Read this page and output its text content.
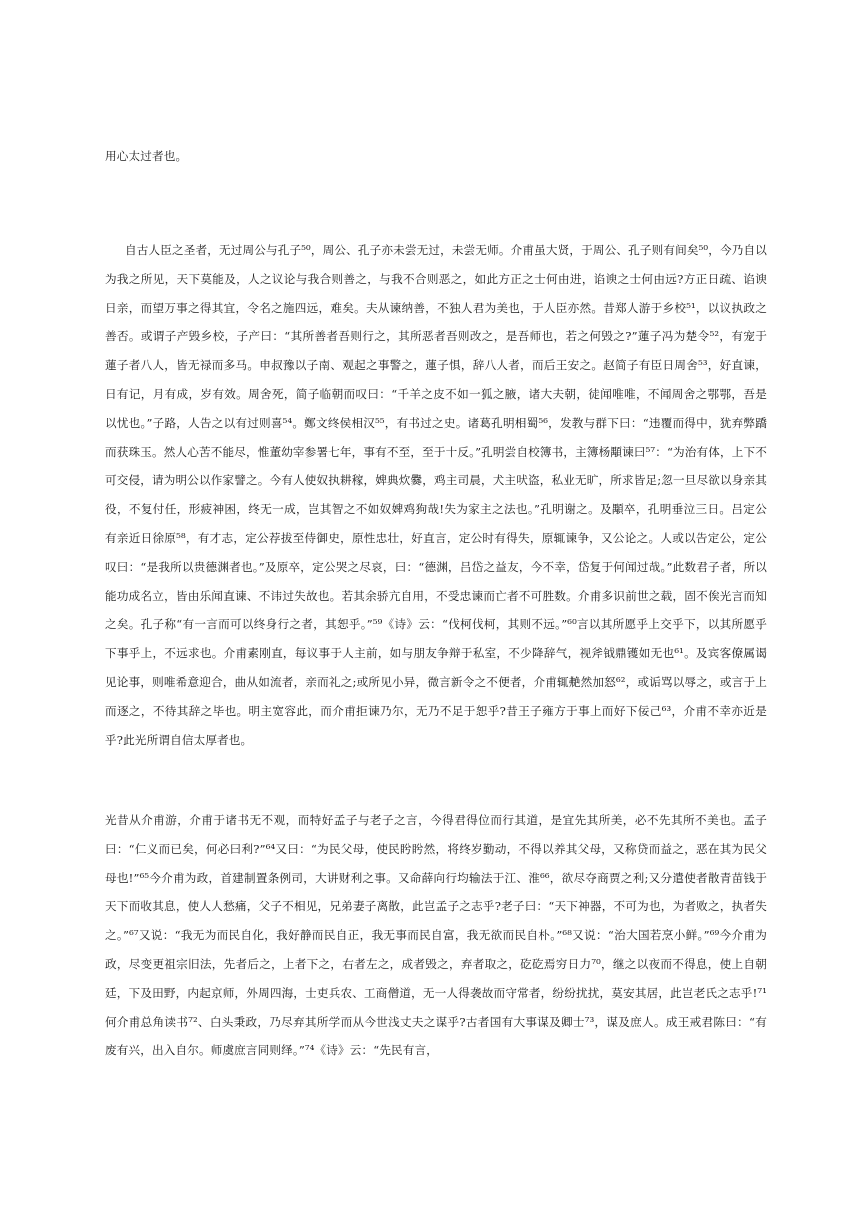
用心太过者也。

自古人臣之圣者，无过周公与孔子⁵⁰，周公、孔子亦未尝无过，未尝无师。介甫虽大贤，于周公、孔子则有间矣⁵⁰，今乃自以为我之所见，天下莫能及，人之议论与我合则善之，与我不合则恶之，如此方正之士何由进，谄谀之士何由远?方正日疏、谄谀日亲，而望万事之得其宜，令名之施四远，难矣。夫从谏纳善，不独人君为美也，于人臣亦然。昔郑人游于乡校⁵¹，以议执政之善否。或谓子产毁乡校，子产曰：“其所善者吾则行之，其所恶者吾则改之，是吾师也，若之何毁之?”蓮子冯为楚令⁵²，有宠于蓮子者八人，皆无禄而多马。申叔豫以子南、观起之事警之，蓮子惧，辞八人者，而后王安之。赵简子有臣日周舍⁵³，好直谏，  日有记，月有成，岁有效。周舍死，简子临朝而叹曰：“千羊之皮不如一狐之腋，诸大夫朝，徒闻唯唯，不闻周舍之鄂鄂，吾是以忧也。”子路，人告之以有过则喜⁵⁴。鄭文终侯相汉⁵⁵，有书过之史。诸葛孔明相蜀⁵⁶，发教与群下曰：“违覆而得中，犹弃弊蹻而获珠玉。然人心苦不能尽，惟董幼宰参署七年，事有不至，至于十反。”孔明尝自校簿书，主簿杨顒谏曰⁵⁷：“为治有体，上下不可交侵，请为明公以作家譬之。今有人使奴执耕稼，婢典炊爨，鸡主司晨，犬主吠盗，私业无旷，所求皆足;忽一旦尽欲以身亲其役，不复付任，形疲神困，终无一成，岂其智之不如奴婢鸡狗哉!失为家主之法也。”孔明谢之。及顒卒，孔明垂泣三日。吕定公有亲近日徐原⁵⁸，有才志，定公荐拔至侍御史，原性忠壮，好直言，定公时有得失，原辄谏争，又公论之。人或以告定公，定公叹曰：“是我所以贵德渊者也。”及原卒，定公哭之尽哀，曰：“德渊，吕岱之益友，今不幸，岱复于何闻过哉。”此数君子者，所以能功成名立，皆由乐闻直谏、不讳过失故也。若其余骄亢自用，不受忠谏而亡者不可胜数。介甫多识前世之载，固不俟光言而知之矣。孔子称“有一言而可以终身行之者，其恕乎。”⁵⁹《诗》云：“伐柯伐柯，其则不远。”⁶⁰言以其所愿乎上交乎下，以其所愿乎下事乎上，不远求也。介甫素刚直，每议事于人主前，如与朋友争辩于私室，不少降辞气，视斧钺鼎镬如无也⁶¹。及宾客僚属谒见论事，则唯希意迎合，曲从如流者，亲而礼之;或所见小异，微言新令之不便者，介甫辄艴然加怒⁶²，或诟骂以辱之，或言于上而逐之，不待其辞之毕也。明主宽容此，而介甫拒谏乃尔，无乃不足于恕乎?昔王子雍方于事上而好下佞己⁶³，介甫不幸亦近是乎?此光所谓自信太厚者也。

光昔从介甫游，介甫于诸书无不观，而特好孟子与老子之言，今得君得位而行其道，是宜先其所美，必不先其所不美也。孟子曰：“仁义而已矣，何必曰利?”⁶⁴又曰：“为民父母，使民盻盻然，将终岁勤动，不得以养其父母，又称贷而益之，恶在其为民父母也!”⁶⁵今介甫为政，首建制置条例司，大讲财利之事。又命薛向行均输法于江、淮⁶⁶，欲尽夺商贾之利;又分遣使者散青苗钱于天下而收其息，使人人愁痛，父子不相见，兄弟妻子离散，此岂孟子之志乎?老子曰：“天下神器，不可为也，为者败之，执者失之。”⁶⁷又说：“我无为而民自化，我好静而民自正，我无事而民自富，我无欲而民自朴。”⁶⁸又说：“治大国若烹小鲜。”⁶⁹今介甫为政，尽变更祖宗旧法，先者后之，上者下之，右者左之，成者毁之，弃者取之，矻矻焉穷日力⁷⁰，继之以夜而不得息，使上自朝廷，下及田野，内起京师，外周四海，士吏兵农、工商僧道，无一人得袭故而守常者，纷纷扰扰，莫安其居，此岂老氏之志乎!⁷¹何介甫总角读书⁷²、白头秉政，乃尽弃其所学而从今世浅丈夫之谋乎?古者国有大事谋及卿士⁷³，谋及庶人。成王戒君陈曰：“有废有兴，出入自尔。师虞庶言同则绎。”⁷⁴《诗》云：“先民有言，
